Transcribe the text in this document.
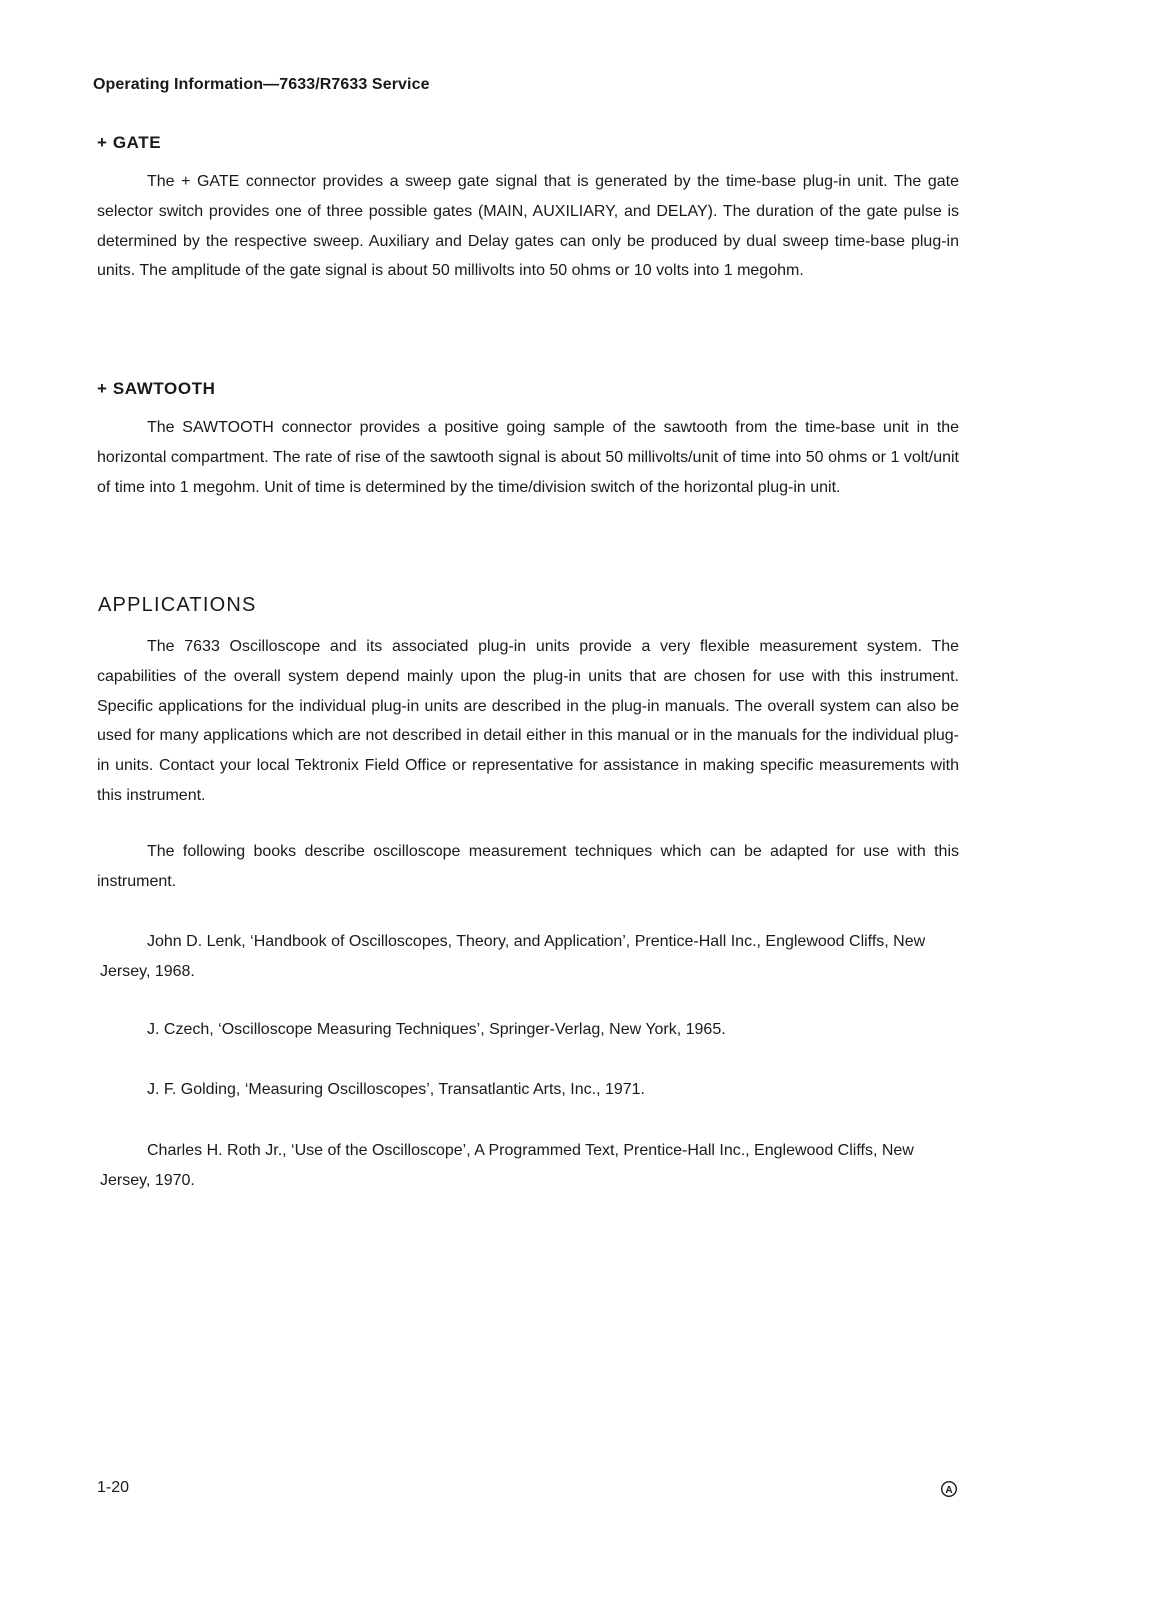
Operating Information—7633/R7633 Service
+ GATE

The + GATE connector provides a sweep gate signal that is generated by the time-base plug-in unit. The gate selector switch provides one of three possible gates (MAIN, AUXILIARY, and DELAY). The duration of the gate pulse is determined by the respective sweep. Auxiliary and Delay gates can only be produced by dual sweep time-base plug-in units. The amplitude of the gate signal is about 50 millivolts into 50 ohms or 10 volts into 1 megohm.

+ SAWTOOTH

The SAWTOOTH connector provides a positive going sample of the sawtooth from the time-base unit in the horizontal compartment. The rate of rise of the sawtooth signal is about 50 millivolts/unit of time into 50 ohms or 1 volt/unit of time into 1 megohm. Unit of time is determined by the time/division switch of the horizontal plug-in unit.

APPLICATIONS

The 7633 Oscilloscope and its associated plug-in units provide a very flexible measurement system. The capabilities of the overall system depend mainly upon the plug-in units that are chosen for use with this instrument. Specific applications for the individual plug-in units are described in the plug-in manuals. The overall system can also be used for many applications which are not described in detail either in this manual or in the manuals for the individual plug-in units. Contact your local Tektronix Field Office or representative for assistance in making specific measurements with this instrument.

The following books describe oscilloscope measurement techniques which can be adapted for use with this instrument.

John D. Lenk, ‘Handbook of Oscilloscopes, Theory, and Application’, Prentice-Hall Inc., Englewood Cliffs, New Jersey, 1968.

J. Czech, ‘Oscilloscope Measuring Techniques’, Springer-Verlag, New York, 1965.

J. F. Golding, ‘Measuring Oscilloscopes’, Transatlantic Arts, Inc., 1971.

Charles H. Roth Jr., ‘Use of the Oscilloscope’, A Programmed Text, Prentice-Hall Inc., Englewood Cliffs, New Jersey, 1970.

1-20	A
